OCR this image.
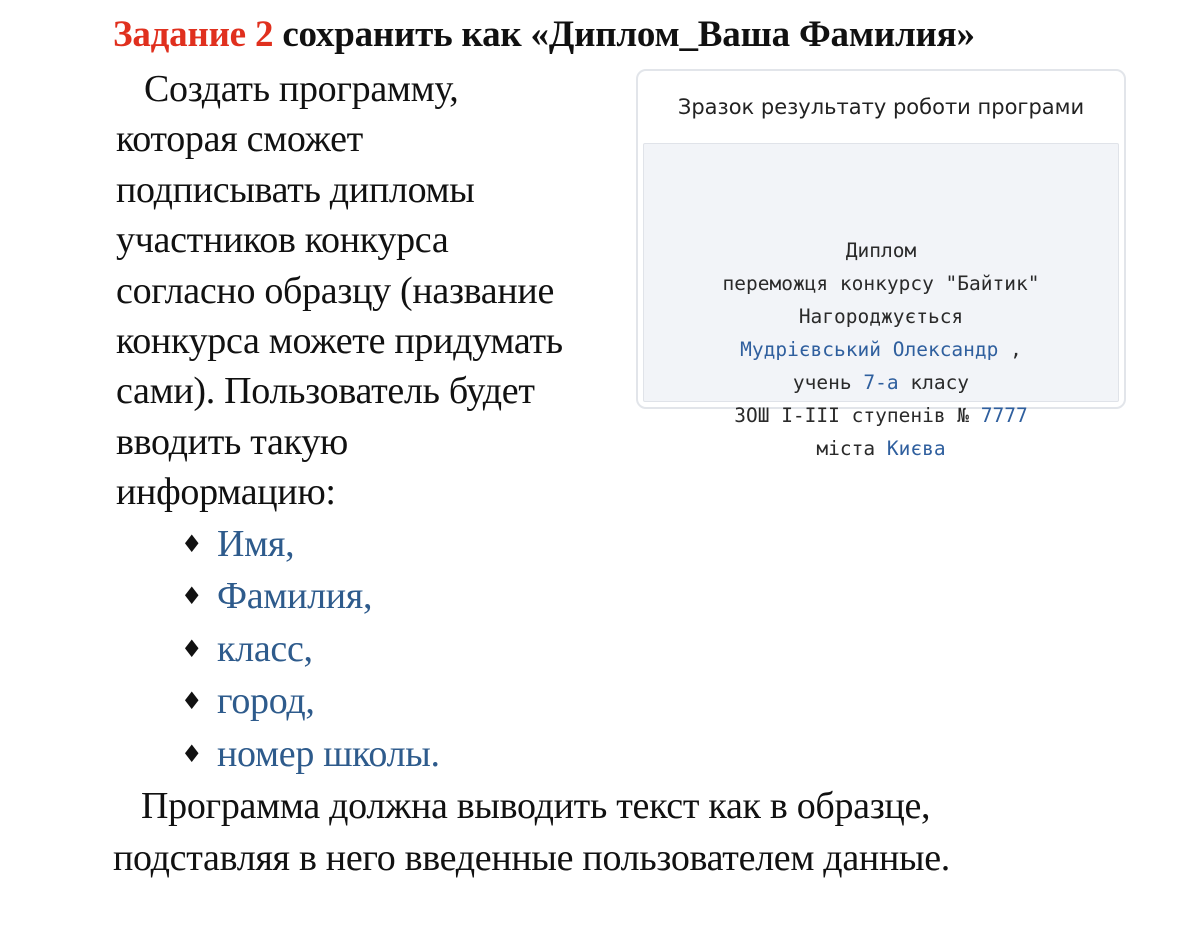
Задание 2 сохранить как «Диплом_Ваша Фамилия»
Создать программу,
которая сможет
подписывать дипломы
участников конкурса
согласно образцу (название
конкурса можете придумать
сами). Пользователь будет
вводить такую
информацию:
Зразок результату роботи програми
Диплом
переможця конкурсу "Байтик"
Нагороджується
Мудрієвський Олександр ,
учень 7-а класу
ЗОШ І-ІІІ ступенів № 7777
міста Києва
♦ Имя,
♦ Фамилия,
♦ класс,
♦ город,
♦ номер школы.
Программа должна выводить текст как в образце,
подставляя в него введенные пользователем данные.
